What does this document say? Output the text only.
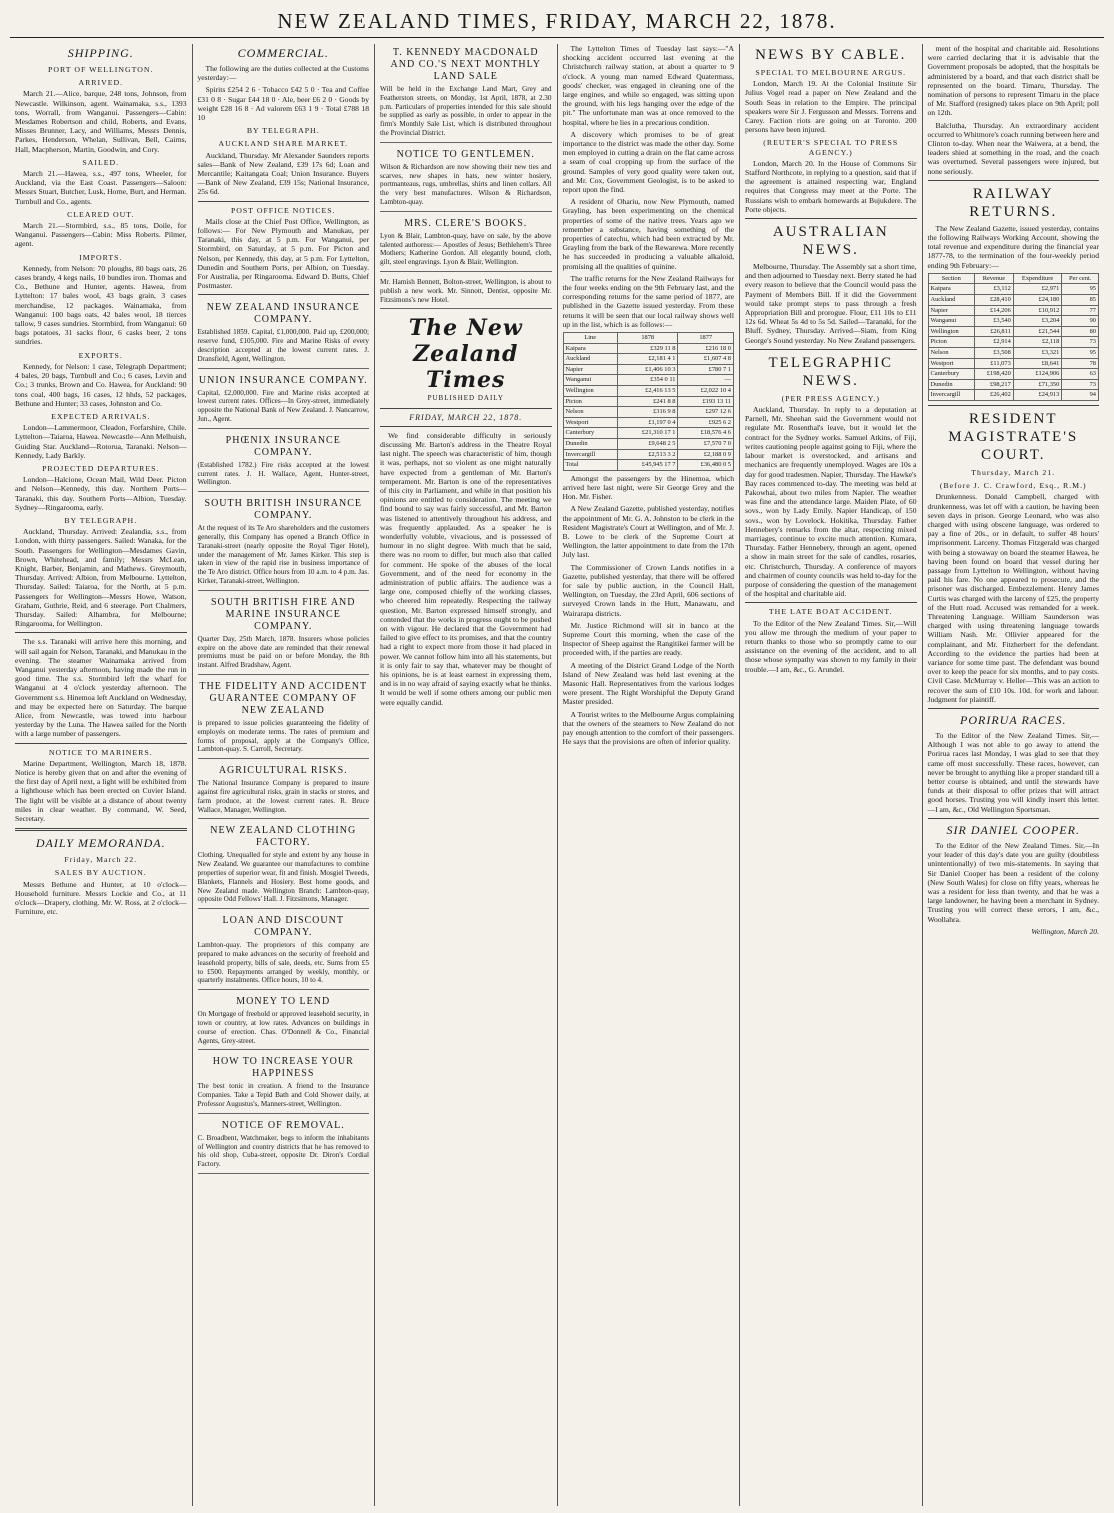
NEW ZEALAND TIMES, FRIDAY, MARCH 22, 1878.
SHIPPING.
PORT OF WELLINGTON.
ARRIVED.

March 21.—Alice, barque, 248 tons, Johnson, from Newcastle. Wilkinson, agent. Wainamaka, s.s., 1393 tons, Worrall, from Wanganui. Passengers—Cabin: Mesdames Robertson and child, Roberts, and Evans, Misses Brunner, Lacy, and Williams, Messrs Dennis, Parkes, Henderson, Whelan, Sullivan, Bell, Cairns, Hall, Macpherson, Martin, Goodwin, and Cory.

SAILED.

March 21.—Hawea, s.s., 497 tons, Wheeler, for Auckland, via the East Coast. Passengers—Saloon: Messrs Stuart, Butcher, Lusk, Horne, Burt, and Herman. Turnbull and Co., agents.

CLEARED OUT.

March 21.—Stormbird, s.s., 85 tons, Doile, for Wanganui. Passengers—Cabin: Miss Roberts. Pilmer, agent.

IMPORTS.

Kennedy, from Nelson: 70 ploughs, 80 bags oats, 26 cases brandy, 4 kegs nails, 10 bundles iron. Thomas and Co., Bethune and Hunter, agents. Hawea, from Lyttelton: 17 bales wool, 43 bags grain, 3 cases merchandise, 12 packages. Wainamaka, from Wanganui: 100 bags oats, 42 bales wool, 18 tierces tallow, 9 cases sundries. Stormbird, from Wanganui: 60 bags potatoes, 31 sacks flour, 6 casks beer, 2 tons sundries.

EXPORTS.

Kennedy, for Nelson: 1 case, Telegraph Department; 4 bales, 20 bags, Turnbull and Co.; 6 cases, Levin and Co.; 3 trunks, Brown and Co. Hawea, for Auckland: 90 tons coal, 400 bags, 16 cases, 12 hhds, 52 packages, Bethune and Hunter; 33 cases, Johnston and Co.

EXPECTED ARRIVALS.

London—Lammermoor, Cleadon, Forfarshire, Chile. Lyttelton—Taiaroa, Hawea. Newcastle—Ann Melhuish, Guiding Star. Auckland—Rotorua, Taranaki. Nelson—Kennedy, Lady Barkly.

PROJECTED DEPARTURES.

London—Halcione, Ocean Mail, Wild Deer. Picton and Nelson—Kennedy, this day. Northern Ports—Taranaki, this day. Southern Ports—Albion, Tuesday. Sydney—Ringarooma, early.

BY TELEGRAPH.

Auckland, Thursday. Arrived: Zealandia, s.s., from London, with thirty passengers. Sailed: Wanaka, for the South. Passengers for Wellington—Mesdames Gavin, Brown, Whitehead, and family; Messrs McLean, Knight, Barber, Benjamin, and Mathews. Greymouth, Thursday. Arrived: Albion, from Melbourne. Lyttelton, Thursday. Sailed: Taiaroa, for the North, at 5 p.m. Passengers for Wellington—Messrs Howe, Watson, Graham, Guthrie, Reid, and 6 steerage. Port Chalmers, Thursday. Sailed: Alhambra, for Melbourne; Ringarooma, for Wellington.

The s.s. Taranaki will arrive here this morning, and will sail again for Nelson, Taranaki, and Manukau in the evening. The steamer Wainamaka arrived from Wanganui yesterday afternoon, having made the run in good time. The s.s. Stormbird left the wharf for Wanganui at 4 o'clock yesterday afternoon. The Government s.s. Hinemoa left Auckland on Wednesday, and may be expected here on Saturday. The barque Alice, from Newcastle, was towed into harbour yesterday by the Luna. The Hawea sailed for the North with a large number of passengers.

NOTICE TO MARINERS.

Marine Department, Wellington, March 18, 1878. Notice is hereby given that on and after the evening of the first day of April next, a light will be exhibited from a lighthouse which has been erected on Cuvier Island. The light will be visible at a distance of about twenty miles in clear weather. By command, W. Seed, Secretary.

DAILY MEMORANDA.
Friday, March 22.
SALES BY AUCTION.

Messrs Bethune and Hunter, at 10 o'clock—Household furniture. Messrs Lockie and Co., at 11 o'clock—Drapery, clothing. Mr. W. Ross, at 2 o'clock—Furniture, etc.

COMMERCIAL.

The following are the duties collected at the Customs yesterday:—

Spirits £254 2 6 · Tobacco £42 5 0 · Tea and Coffee £31 0 8 · Sugar £44 18 0 · Ale, beer £6 2 0 · Goods by weight £28 16 8 · Ad valorem £63 1 9 · Total £788 18 10

BY TELEGRAPH.
AUCKLAND SHARE MARKET.

Auckland, Thursday. Mr Alexander Saunders reports sales—Bank of New Zealand, £39 17s 6d; Loan and Mercantile; Kaitangata Coal; Union Insurance. Buyers—Bank of New Zealand, £39 15s; National Insurance, 25s 6d.

POST OFFICE NOTICES.

Mails close at the Chief Post Office, Wellington, as follows:— For New Plymouth and Manukau, per Taranaki, this day, at 5 p.m. For Wanganui, per Stormbird, on Saturday, at 5 p.m. For Picton and Nelson, per Kennedy, this day, at 5 p.m. For Lyttelton, Dunedin and Southern Ports, per Albion, on Tuesday. For Australia, per Ringarooma. Edward D. Butts, Chief Postmaster.

NEW ZEALAND INSURANCE COMPANY.
Established 1859. Capital, £1,000,000. Paid up, £200,000; reserve fund, £105,000. Fire and Marine Risks of every description accepted at the lowest current rates. J. Dransfield, Agent, Wellington.
UNION INSURANCE COMPANY.
Capital, £2,000,000. Fire and Marine risks accepted at lowest current rates. Offices—In Grey-street, immediately opposite the National Bank of New Zealand. J. Nancarrow, Jun., Agent.
PHŒNIX INSURANCE COMPANY.
(Established 1782.) Fire risks accepted at the lowest current rates. J. H. Wallace, Agent, Hunter-street, Wellington.
SOUTH BRITISH INSURANCE COMPANY.
At the request of its Te Aro shareholders and the customers generally, this Company has opened a Branch Office in Taranaki-street (nearly opposite the Royal Tiger Hotel), under the management of Mr. James Kirker. This step is taken in view of the rapid rise in business importance of the Te Aro district. Office hours from 10 a.m. to 4 p.m. Jas. Kirker, Taranaki-street, Wellington.
SOUTH BRITISH FIRE AND MARINE INSURANCE COMPANY.
Quarter Day, 25th March, 1878. Insurers whose policies expire on the above date are reminded that their renewal premiums must be paid on or before Monday, the 8th instant. Alfred Bradshaw, Agent.
THE FIDELITY AND ACCIDENT GUARANTEE COMPANY OF NEW ZEALAND
is prepared to issue policies guaranteeing the fidelity of employés on moderate terms. The rates of premium and forms of proposal, apply at the Company's Office, Lambton-quay. S. Carroll, Secretary.
AGRICULTURAL RISKS.
The National Insurance Company is prepared to insure against fire agricultural risks, grain in stacks or stores, and farm produce, at the lowest current rates. R. Bruce Wallace, Manager, Wellington.
NEW ZEALAND CLOTHING FACTORY.
Clothing. Unequalled for style and extent by any house in New Zealand. We guarantee our manufactures to combine properties of superior wear, fit and finish. Mosgiel Tweeds, Blankets, Flannels and Hosiery. Best home goods, and New Zealand made. Wellington Branch: Lambton-quay, opposite Odd Fellows' Hall. J. Fitzsimons, Manager.
LOAN AND DISCOUNT COMPANY.
Lambton-quay. The proprietors of this company are prepared to make advances on the security of freehold and leasehold property, bills of sale, deeds, etc. Sums from £5 to £500. Repayments arranged by weekly, monthly, or quarterly instalments. Office hours, 10 to 4.
MONEY TO LEND
On Mortgage of freehold or approved leasehold security, in town or country, at low rates. Advances on buildings in course of erection. Chas. O'Donnell & Co., Financial Agents, Grey-street.
HOW TO INCREASE YOUR HAPPINESS
The best tonic in creation. A friend to the Insurance Companies. Take a Tepid Bath and Cold Shower daily, at Professor Augustus's, Manners-street, Wellington.
NOTICE OF REMOVAL.
C. Broadbent, Watchmaker, begs to inform the inhabitants of Wellington and country districts that he has removed to his old shop, Cuba-street, opposite Dr. Diron's Cordial Factory.
T. KENNEDY MACDONALD AND CO.'S NEXT MONTHLY LAND SALE
Will be held in the Exchange Land Mart, Grey and Featherston streets, on Monday, 1st April, 1878, at 2.30 p.m. Particulars of properties intended for this sale should be supplied as early as possible, in order to appear in the firm's Monthly Sale List, which is distributed throughout the Provincial District.
NOTICE TO GENTLEMEN.
Wilson & Richardson are now showing their new ties and scarves, new shapes in hats, new winter hosiery, portmanteaus, rugs, umbrellas, shirts and linen collars. All the very best manufactures. Wilson & Richardson, Lambton-quay.
MRS. CLERE'S BOOKS.
Lyon & Blair, Lambton-quay, have on sale, by the above talented authoress:— Apostles of Jesus; Bethlehem's Three Mothers; Katherine Gordon. All elegantly bound, cloth, gilt, steel engravings. Lyon & Blair, Wellington.
Mr. Hamish Bennett, Bolton-street, Wellington, is about to publish a new work. Mr. Sinnott, Dentist, opposite Mr. Fitzsimons's new Hotel.
The New Zealand Times
PUBLISHED DAILY
FRIDAY, MARCH 22, 1878.

We find considerable difficulty in seriously discussing Mr. Barton's address in the Theatre Royal last night. The speech was characteristic of him, though it was, perhaps, not so violent as one might naturally have expected from a gentleman of Mr. Barton's temperament. Mr. Barton is one of the representatives of this city in Parliament, and while in that position his opinions are entitled to consideration. The meeting we find bound to say was fairly successful, and Mr. Barton was listened to attentively throughout his address, and was frequently applauded. As a speaker he is wonderfully voluble, vivacious, and is possessed of humour in no slight degree. With much that he said, there was no room to differ, but much also that called for comment. He spoke of the abuses of the local Government, and of the need for economy in the administration of public affairs. The audience was a large one, composed chiefly of the working classes, who cheered him repeatedly. Respecting the railway question, Mr. Barton expressed himself strongly, and contended that the works in progress ought to be pushed on with vigour. He declared that the Government had failed to give effect to its promises, and that the country had a right to expect more from those it had placed in power. We cannot follow him into all his statements, but it is only fair to say that, whatever may be thought of his opinions, he is at least earnest in expressing them, and is in no way afraid of saying exactly what he thinks. It would be well if some others among our public men were equally candid.

The Lyttelton Times of Tuesday last says:—"A shocking accident occurred last evening at the Christchurch railway station, at about a quarter to 9 o'clock. A young man named Edward Quatermass, goods' checker, was engaged in cleaning one of the large engines, and while so engaged, was sitting upon the ground, with his legs hanging over the edge of the pit." The unfortunate man was at once removed to the hospital, where he lies in a precarious condition.

A discovery which promises to be of great importance to the district was made the other day. Some men employed in cutting a drain on the flat came across a seam of coal cropping up from the surface of the ground. Samples of very good quality were taken out, and Mr. Cox, Government Geologist, is to be asked to report upon the find.

A resident of Ohariu, now New Plymouth, named Grayling, has been experimenting on the chemical properties of some of the native trees. Years ago we remember a substance, having something of the properties of catechu, which had been extracted by Mr. Grayling from the bark of the Rewarewa. More recently he has succeeded in producing a valuable alkaloid, promising all the qualities of quinine.

The traffic returns for the New Zealand Railways for the four weeks ending on the 9th February last, and the corresponding returns for the same period of 1877, are published in the Gazette issued yesterday. From these returns it will be seen that our local railway shows well up in the list, which is as follows:—

Line	1878	1877
Kaipara	£329 11 8	£216 18 0
Auckland	£2,181 4 1	£1,607 4 8
Napier	£1,406 10 3	£780 7 1
Wanganui	£354 0 11	—
Wellington	£2,416 13 5	£2,022 10 4
Picton	£241 8 8	£193 13 11
Nelson	£316 9 8	£297 12 6
Westport	£1,197 0 4	£925 6 2
Canterbury	£21,310 17 1	£18,576 4 6
Dunedin	£9,648 2 5	£7,570 7 0
Invercargill	£2,513 3 2	£2,188 0 9
Total	£45,945 17 7	£36,480 0 5

Amongst the passengers by the Hinemoa, which arrived here last night, were Sir George Grey and the Hon. Mr. Fisher.

A New Zealand Gazette, published yesterday, notifies the appointment of Mr. G. A. Johnston to be clerk in the Resident Magistrate's Court at Wellington, and of Mr. J. B. Lowe to be clerk of the Supreme Court at Wellington, the latter appointment to date from the 17th July last.

The Commissioner of Crown Lands notifies in a Gazette, published yesterday, that there will be offered for sale by public auction, in the Council Hall, Wellington, on Tuesday, the 23rd April, 606 sections of surveyed Crown lands in the Hutt, Manawatu, and Wairarapa districts.

Mr. Justice Richmond will sit in banco at the Supreme Court this morning, when the case of the Inspector of Sheep against the Rangitikei farmer will be proceeded with, if the parties are ready.

A meeting of the District Grand Lodge of the North Island of New Zealand was held last evening at the Masonic Hall. Representatives from the various lodges were present. The Right Worshipful the Deputy Grand Master presided.

A Tourist writes to the Melbourne Argus complaining that the owners of the steamers to New Zealand do not pay enough attention to the comfort of their passengers. He says that the provisions are often of inferior quality.

NEWS BY CABLE.
SPECIAL TO MELBOURNE ARGUS.

London, March 19. At the Colonial Institute Sir Julius Vogel read a paper on New Zealand and the South Seas in relation to the Empire. The principal speakers were Sir J. Fergusson and Messrs. Torrens and Carey. Faction riots are going on at Toronto. 200 persons have been injured.

(REUTER'S SPECIAL TO PRESS AGENCY.)

London, March 20. In the House of Commons Sir Stafford Northcote, in replying to a question, said that if the agreement is attained respecting war, England requires that Congress may meet at the Porte. The Russians wish to embark homewards at Bujukdere. The Porte objects.

AUSTRALIAN NEWS.

Melbourne, Thursday. The Assembly sat a short time, and then adjourned to Tuesday next. Berry stated he had every reason to believe that the Council would pass the Payment of Members Bill. If it did the Government would take prompt steps to pass through a fresh Appropriation Bill and prorogue. Flour, £11 10s to £11 12s 6d. Wheat 5s 4d to 5s 5d. Sailed—Taranaki, for the Bluff. Sydney, Thursday. Arrived—Siam, from King George's Sound yesterday. No New Zealand passengers.

TELEGRAPHIC NEWS.
(PER PRESS AGENCY.)

Auckland, Thursday. In reply to a deputation at Parnell, Mr. Sheehan said the Government would not regulate Mr. Rosenthal's leave, but it would let the contract for the Sydney works. Samuel Atkins, of Fiji, writes cautioning people against going to Fiji, where the labour market is overstocked, and artisans and mechanics are frequently unemployed. Wages are 10s a day for good tradesmen. Napier, Thursday. The Hawke's Bay races commenced to-day. The meeting was held at Pakowhai, about two miles from Napier. The weather was fine and the attendance large. Maiden Plate, of 60 sovs., won by Lady Emily. Napier Handicap, of 150 sovs., won by Lovelock. Hokitika, Thursday. Father Hennebery's remarks from the altar, respecting mixed marriages, continue to excite much attention. Kumara, Thursday. Father Hennebery, through an agent, opened a show in main street for the sale of candles, rosaries, etc. Christchurch, Thursday. A conference of mayors and chairmen of county councils was held to-day for the purpose of considering the question of the management of the hospital and charitable aid.

THE LATE BOAT ACCIDENT.

To the Editor of the New Zealand Times. Sir,—Will you allow me through the medium of your paper to return thanks to those who so promptly came to our assistance on the evening of the accident, and to all those whose sympathy was shown to my family in their trouble.—I am, &c., G. Arundel.

ment of the hospital and charitable aid. Resolutions were carried declaring that it is advisable that the Government proposals be adopted, that the hospitals be administered by a board, and that each district shall be represented on the board. Timaru, Thursday. The nomination of persons to represent Timaru in the place of Mr. Stafford (resigned) takes place on 9th April; poll on 12th.

Balclutha, Thursday. An extraordinary accident occurred to Whitmore's coach running between here and Clinton to-day. When near the Waiwera, at a bend, the leaders shied at something in the road, and the coach was overturned. Several passengers were injured, but none seriously.

RAILWAY RETURNS.

The New Zealand Gazette, issued yesterday, contains the following Railways Working Account, showing the total revenue and expenditure during the financial year 1877-78, to the termination of the four-weekly period ending 9th February:—

Section	Revenue	Expenditure	Per cent.
Kaipara	£3,112	£2,971	95
Auckland	£28,410	£24,180	85
Napier	£14,206	£10,912	77
Wanganui	£3,540	£3,204	90
Wellington	£26,811	£21,544	80
Picton	£2,914	£2,118	73
Nelson	£3,508	£3,321	95
Westport	£11,073	£8,641	78
Canterbury	£198,420	£124,906	63
Dunedin	£98,217	£71,350	73
Invercargill	£26,402	£24,913	94
RESIDENT MAGISTRATE'S COURT.
Thursday, March 21.
(Before J. C. Crawford, Esq., R.M.)

Drunkenness. Donald Campbell, charged with drunkenness, was let off with a caution, he having been seven days in prison. George Leonard, who was also charged with using obscene language, was ordered to pay a fine of 20s., or in default, to suffer 48 hours' imprisonment. Larceny. Thomas Fitzgerald was charged with being a stowaway on board the steamer Hawea, he having been found on board that vessel during her passage from Lyttelton to Wellington, without having paid his fare. No one appeared to prosecute, and the prisoner was discharged. Embezzlement. Henry James Curtis was charged with the larceny of £25, the property of the Hutt road. Accused was remanded for a week. Threatening Language. William Saunderson was charged with using threatening language towards William Nash. Mr. Ollivier appeared for the complainant, and Mr. Fitzherbert for the defendant. According to the evidence the parties had been at variance for some time past. The defendant was bound over to keep the peace for six months, and to pay costs. Civil Case. McMurray v. Heller—This was an action to recover the sum of £10 10s. 10d. for work and labour. Judgment for plaintiff.

PORIRUA RACES.

To the Editor of the New Zealand Times. Sir,—Although I was not able to go away to attend the Porirua races last Monday, I was glad to see that they came off most successfully. These races, however, can never be brought to anything like a proper standard till a better course is obtained, and until the stewards have funds at their disposal to offer prizes that will attract good horses. Trusting you will kindly insert this letter.—I am, &c., Old Wellington Sportsman.

SIR DANIEL COOPER.

To the Editor of the New Zealand Times. Sir,—In your leader of this day's date you are guilty (doubtless unintentionally) of two mis-statements. In saying that Sir Daniel Cooper has been a resident of the colony (New South Wales) for close on fifty years, whereas he was a resident for less than twenty, and that he was a large landowner, he having been a merchant in Sydney. Trusting you will correct these errors, I am, &c., Woollahra.

Wellington, March 20.
